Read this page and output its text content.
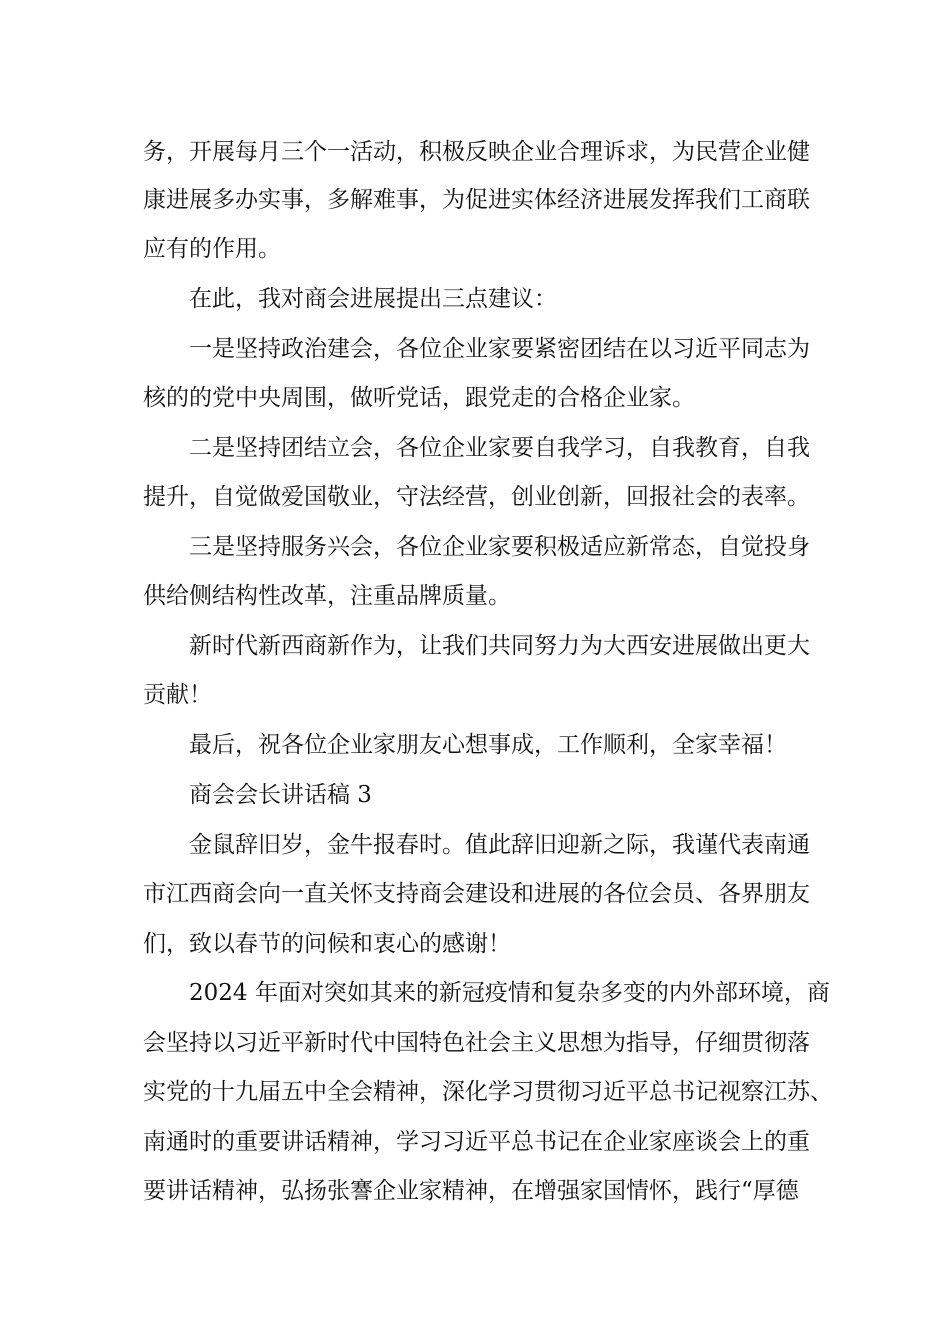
务，开展每月三个一活动，积极反映企业合理诉求，为民营企业健
康进展多办实事，多解难事，为促进实体经济进展发挥我们工商联
应有的作用。
在此，我对商会进展提出三点建议：
一是坚持政治建会，各位企业家要紧密团结在以习近平同志为
核的的党中央周围，做听党话，跟党走的合格企业家。
二是坚持团结立会，各位企业家要自我学习，自我教育，自我
提升，自觉做爱国敬业，守法经营，创业创新，回报社会的表率。
三是坚持服务兴会，各位企业家要积极适应新常态，自觉投身
供给侧结构性改革，注重品牌质量。
新时代新西商新作为，让我们共同努力为大西安进展做出更大
贡献！
最后，祝各位企业家朋友心想事成，工作顺利，全家幸福！
商会会长讲话稿 3
金鼠辞旧岁，金牛报春时。值此辞旧迎新之际，我谨代表南通
市江西商会向一直关怀支持商会建设和进展的各位会员、各界朋友
们，致以春节的问候和衷心的感谢！
2024 年面对突如其来的新冠疫情和复杂多变的内外部环境，商
会坚持以习近平新时代中国特色社会主义思想为指导，仔细贯彻落
实党的十九届五中全会精神，深化学习贯彻习近平总书记视察江苏、
南通时的重要讲话精神，学习习近平总书记在企业家座谈会上的重
要讲话精神，弘扬张謇企业家精神，在增强家国情怀，践行“厚德
